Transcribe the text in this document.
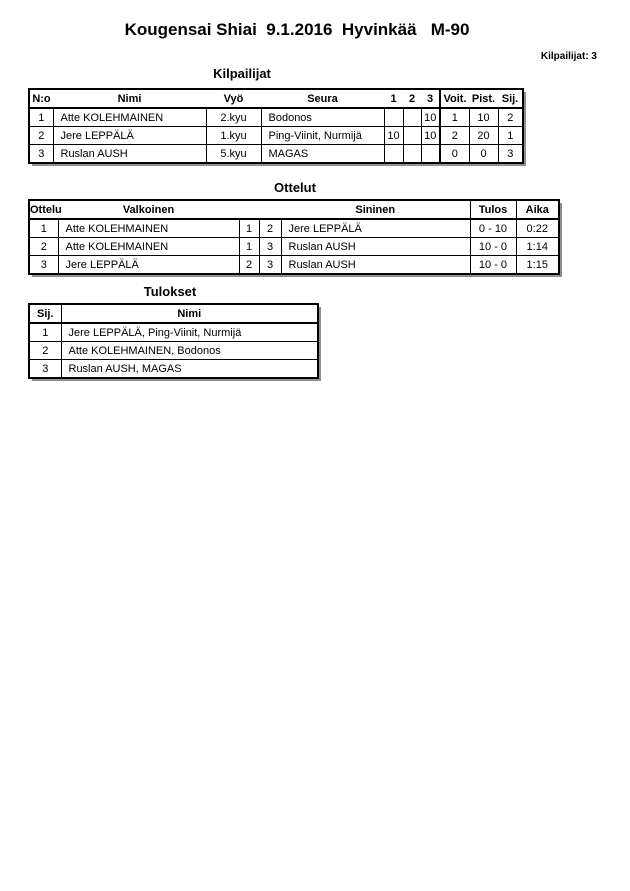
Kougensai Shiai  9.1.2016  Hyvinkää   M-90
Kilpailijat: 3
Kilpailijat
N:o	Nimi	Vyö	Seura	1	2	3	Voit.	Pist.	Sij.
1	Atte KOLEHMAINEN	2.kyu	Bodonos			10	1	10	2
2	Jere LEPPÄLÄ	1.kyu	Ping-Viinit, Nurmijä	10		10	2	20	1
3	Ruslan AUSH	5.kyu	MAGAS				0	0	3
Ottelut
Ottelu	Valkoinen			Sininen	Tulos	Aika
1	Atte KOLEHMAINEN	1	2	Jere LEPPÄLÄ	0 - 10	0:22
2	Atte KOLEHMAINEN	1	3	Ruslan AUSH	10 - 0	1:14
3	Jere LEPPÄLÄ	2	3	Ruslan AUSH	10 - 0	1:15
Tulokset
Sij.	Nimi
1	Jere LEPPÄLÄ, Ping-Viinit, Nurmijä
2	Atte KOLEHMAINEN, Bodonos
3	Ruslan AUSH, MAGAS
